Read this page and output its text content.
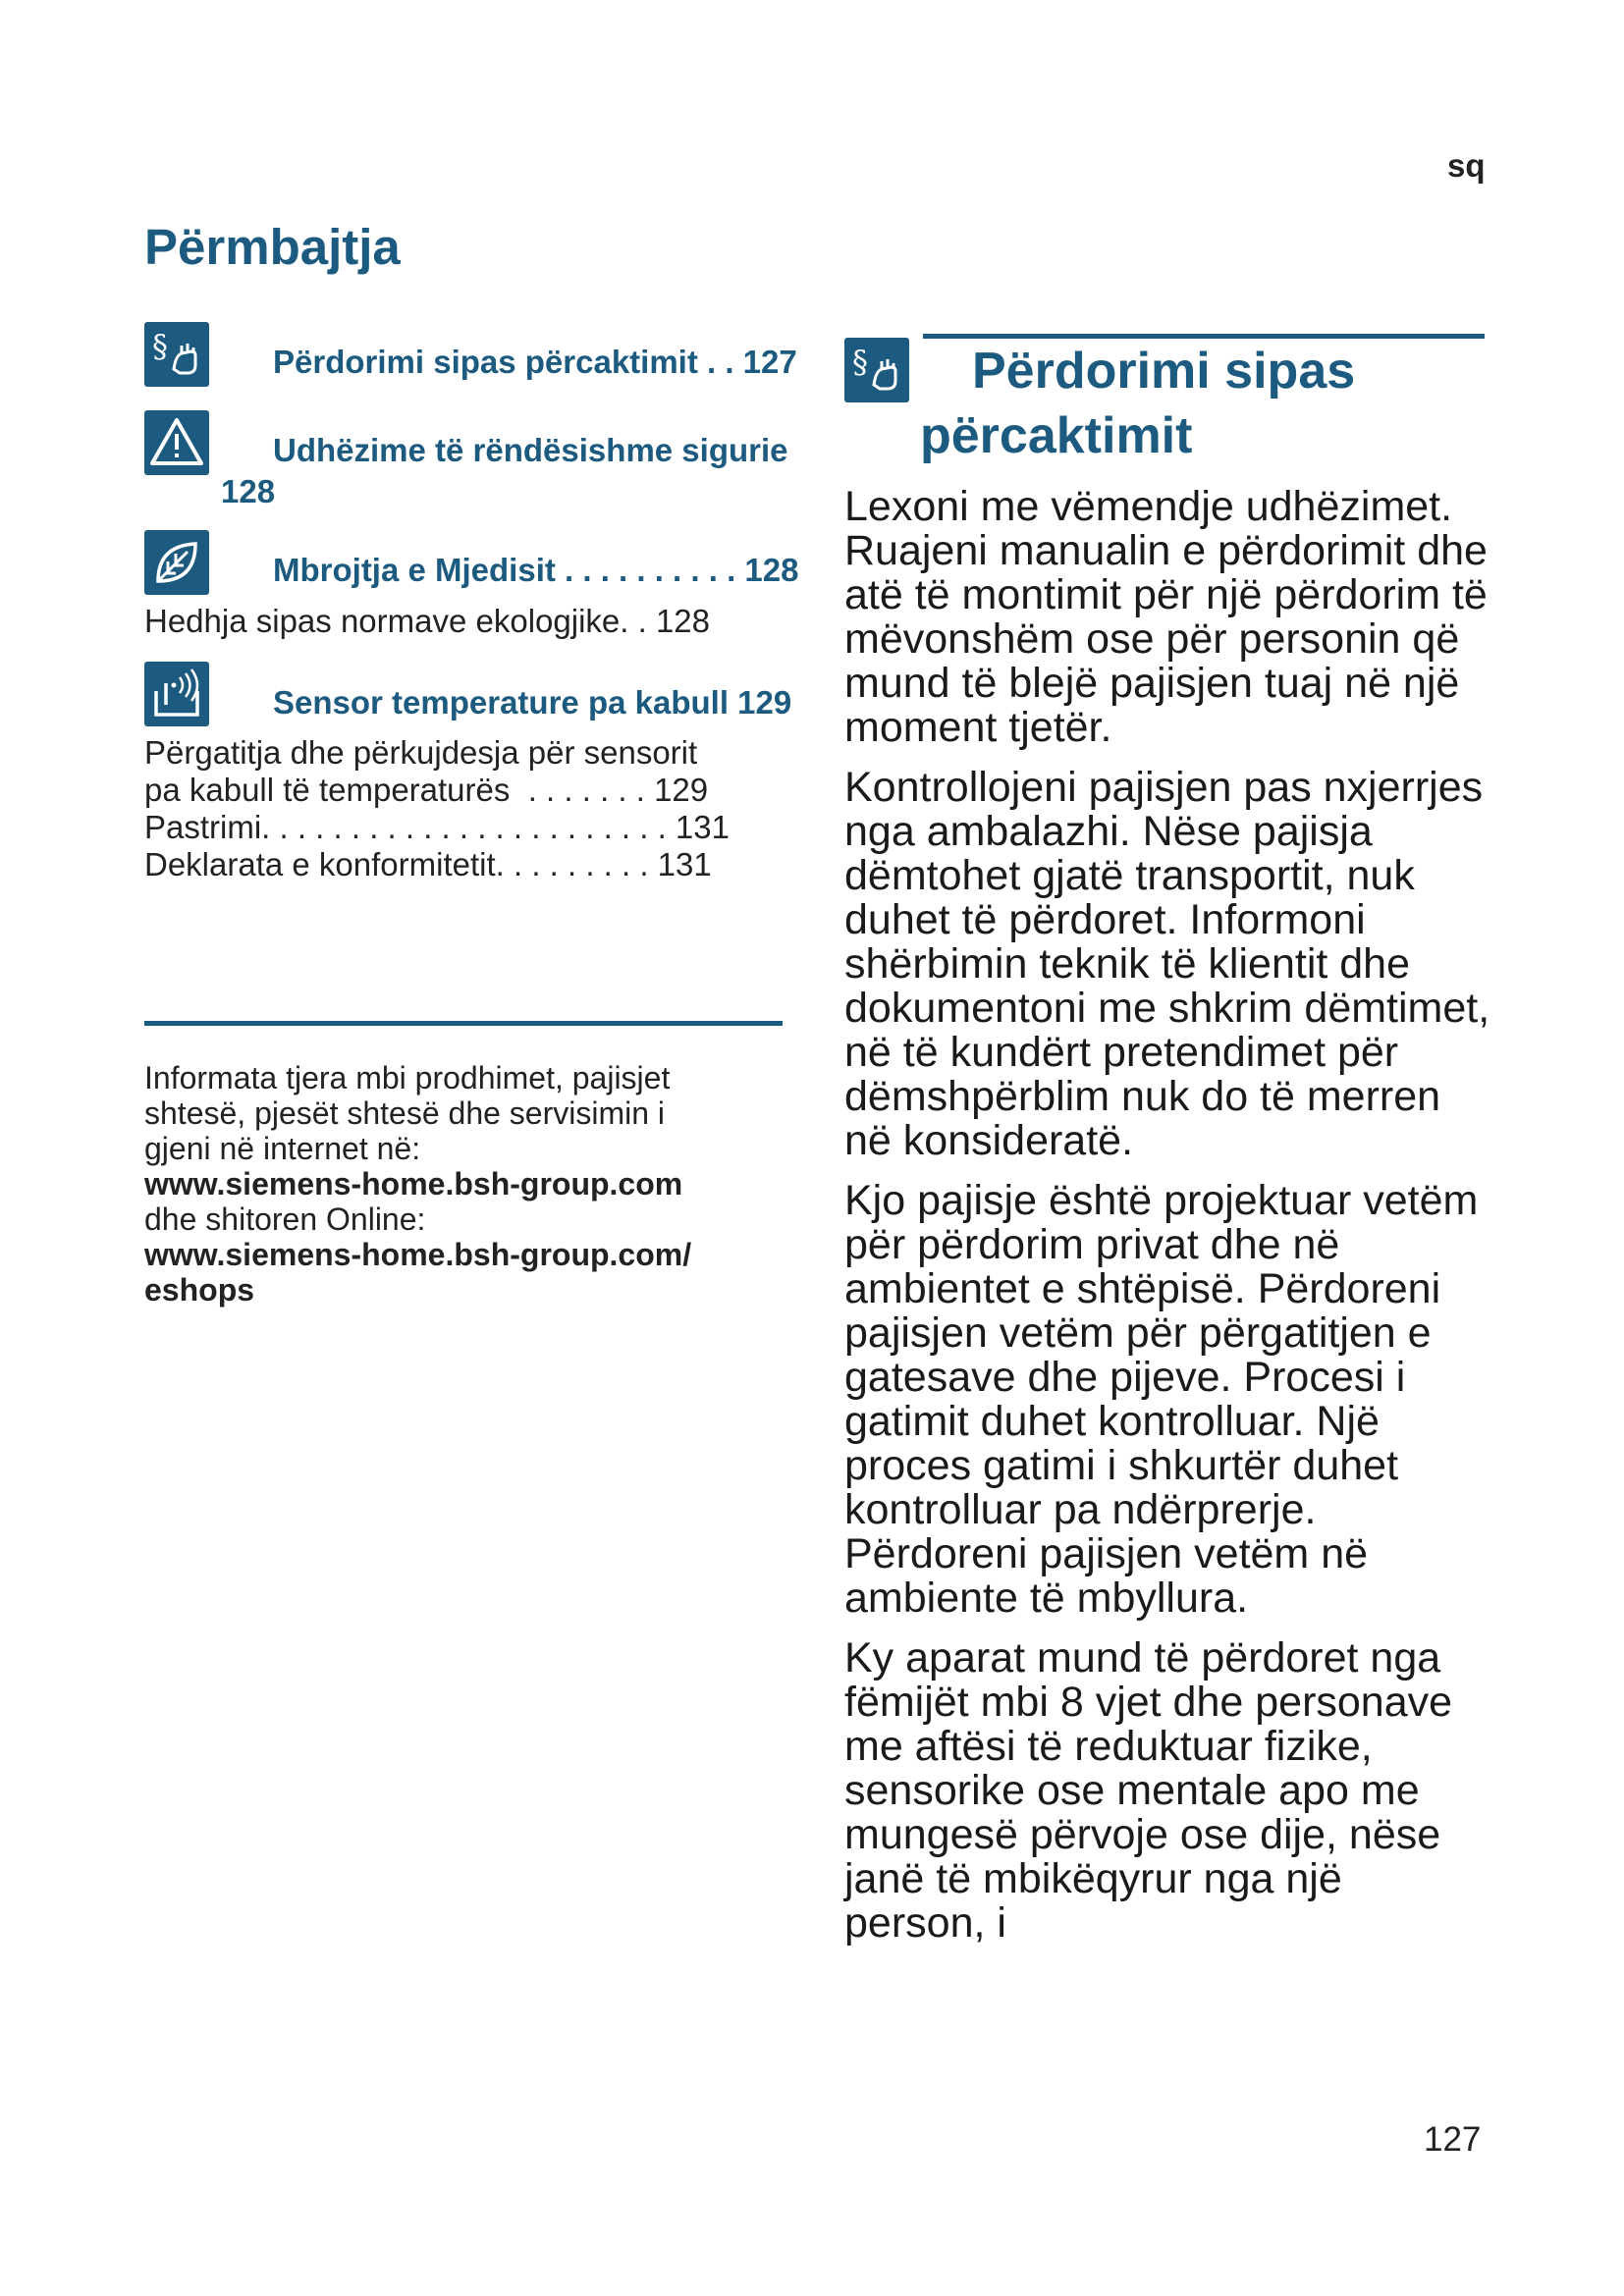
sq
Përmbajtja
§	Përdorimi sipas përcaktimit . . 127
Udhëzime të rëndësishme sigurie
128
Mbrojtja e Mjedisit . . . . . . . . . . 128
Hedhja sipas normave ekologjike. . 128
Sensor temperature pa kabull 129
Përgatitja dhe përkujdesja për sensorit
pa kabull të temperaturës  . . . . . . . 129
Pastrimi. . . . . . . . . . . . . . . . . . . . . . . 131
Deklarata e konformitetit. . . . . . . . . 131
Informata tjera mbi prodhimet, pajisjet
shtesë, pjesët shtesë dhe servisimin i
gjeni në internet në:
www.siemens-home.bsh-group.com
dhe shitoren Online:
www.siemens-home.bsh-group.com/
eshops
§ Përdorimi sipas
përcaktimit

Lexoni me vëmendje udhëzimet. Ruajeni manualin e përdorimit dhe atë të montimit për një përdorim të mëvonshëm ose për personin që mund të blejë pajisjen tuaj në një moment tjetër.

Kontrollojeni pajisjen pas nxjerrjes nga ambalazhi. Nëse pajisja dëmtohet gjatë transportit, nuk duhet të përdoret. Informoni shërbimin teknik të klientit dhe dokumentoni me shkrim dëmtimet, në të kundërt pretendimet për dëmshpërblim nuk do të merren në konsideratë.

Kjo pajisje është projektuar vetëm për përdorim privat dhe në ambientet e shtëpisë. Përdoreni pajisjen vetëm për përgatitjen e gatesave dhe pijeve. Procesi i gatimit duhet kontrolluar. Një proces gatimi i shkurtër duhet kontrolluar pa ndërprerje. Përdoreni pajisjen vetëm në ambiente të mbyllura.

Ky aparat mund të përdoret nga fëmijët mbi 8 vjet dhe personave me aftësi të reduktuar fizike, sensorike ose mentale apo me mungesë përvoje ose dije, nëse janë të mbikëqyrur nga një person, i

127
